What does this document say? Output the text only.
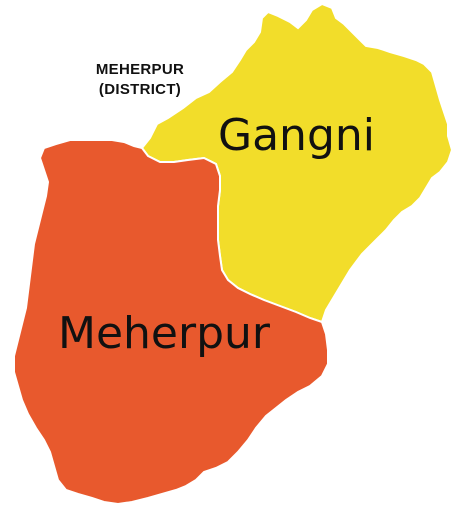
MEHERPUR
(DISTRICT)
Gangni
Meherpur
